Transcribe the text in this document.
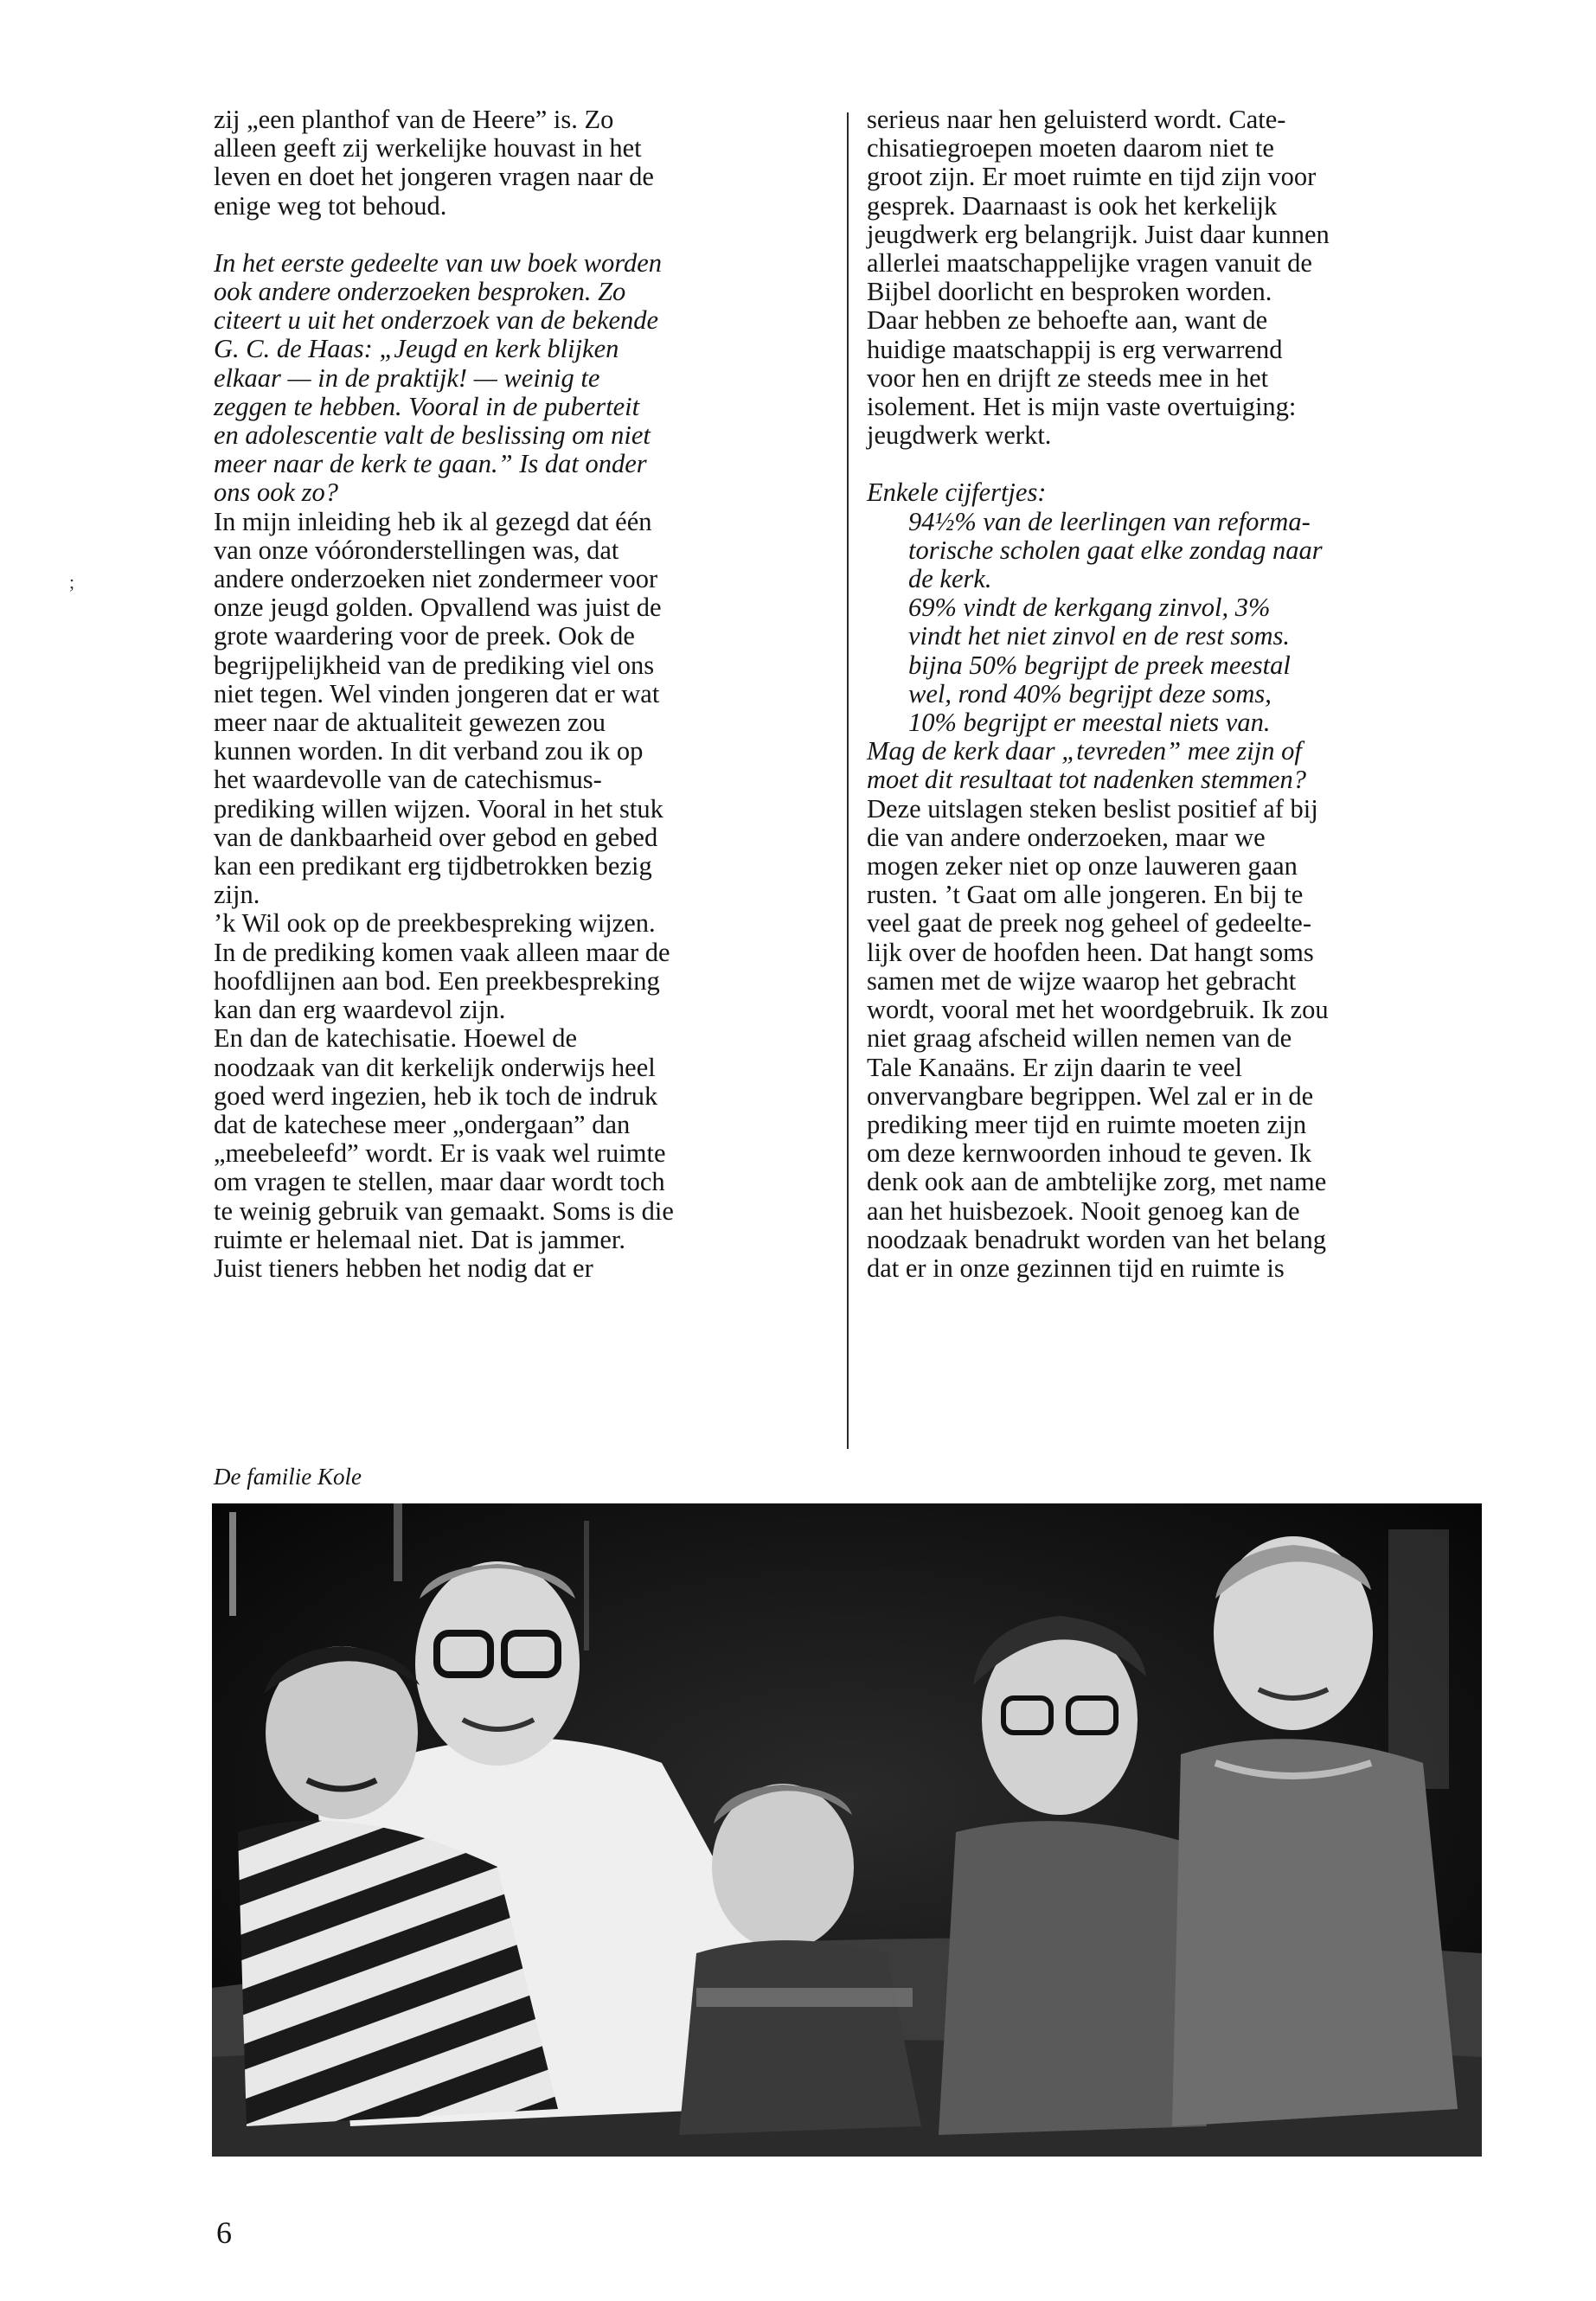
;

zij „een planthof van de Heere” is. Zo

alleen geeft zij werkelijke houvast in het

leven en doet het jongeren vragen naar de

enige weg tot behoud.

In het eerste gedeelte van uw boek worden

ook andere onderzoeken besproken. Zo

citeert u uit het onderzoek van de bekende

G. C. de Haas: „Jeugd en kerk blijken

elkaar — in de praktijk! — weinig te

zeggen te hebben. Vooral in de puberteit

en adolescentie valt de beslissing om niet

meer naar de kerk te gaan.” Is dat onder

ons ook zo?

In mijn inleiding heb ik al gezegd dat één

van onze vóóronderstellingen was, dat

andere onderzoeken niet zondermeer voor

onze jeugd golden. Opvallend was juist de

grote waardering voor de preek. Ook de

begrijpelijkheid van de prediking viel ons

niet tegen. Wel vinden jongeren dat er wat

meer naar de aktualiteit gewezen zou

kunnen worden. In dit verband zou ik op

het waardevolle van de catechismus-

prediking willen wijzen. Vooral in het stuk

van de dankbaarheid over gebod en gebed

kan een predikant erg tijdbetrokken bezig

zijn.

’k Wil ook op de preekbespreking wijzen.

In de prediking komen vaak alleen maar de

hoofdlijnen aan bod. Een preekbespreking

kan dan erg waardevol zijn.

En dan de katechisatie. Hoewel de

noodzaak van dit kerkelijk onderwijs heel

goed werd ingezien, heb ik toch de indruk

dat de katechese meer „ondergaan” dan

„meebeleefd” wordt. Er is vaak wel ruimte

om vragen te stellen, maar daar wordt toch

te weinig gebruik van gemaakt. Soms is die

ruimte er helemaal niet. Dat is jammer.

Juist tieners hebben het nodig dat er

serieus naar hen geluisterd wordt. Cate-

chisatiegroepen moeten daarom niet te

groot zijn. Er moet ruimte en tijd zijn voor

gesprek. Daarnaast is ook het kerkelijk

jeugdwerk erg belangrijk. Juist daar kunnen

allerlei maatschappelijke vragen vanuit de

Bijbel doorlicht en besproken worden.

Daar hebben ze behoefte aan, want de

huidige maatschappij is erg verwarrend

voor hen en drijft ze steeds mee in het

isolement. Het is mijn vaste overtuiging:

jeugdwerk werkt.

Enkele cijfertjes:

94½% van de leerlingen van reforma-

torische scholen gaat elke zondag naar

de kerk.

69% vindt de kerkgang zinvol, 3%

vindt het niet zinvol en de rest soms.

bijna 50% begrijpt de preek meestal

wel, rond 40% begrijpt deze soms,

10% begrijpt er meestal niets van.

Mag de kerk daar „tevreden” mee zijn of

moet dit resultaat tot nadenken stemmen?

Deze uitslagen steken beslist positief af bij

die van andere onderzoeken, maar we

mogen zeker niet op onze lauweren gaan

rusten. ’t Gaat om alle jongeren. En bij te

veel gaat de preek nog geheel of gedeelte-

lijk over de hoofden heen. Dat hangt soms

samen met de wijze waarop het gebracht

wordt, vooral met het woordgebruik. Ik zou

niet graag afscheid willen nemen van de

Tale Kanaäns. Er zijn daarin te veel

onvervangbare begrippen. Wel zal er in de

prediking meer tijd en ruimte moeten zijn

om deze kernwoorden inhoud te geven. Ik

denk ook aan de ambtelijke zorg, met name

aan het huisbezoek. Nooit genoeg kan de

noodzaak benadrukt worden van het belang

dat er in onze gezinnen tijd en ruimte is

De familie Kole
6
